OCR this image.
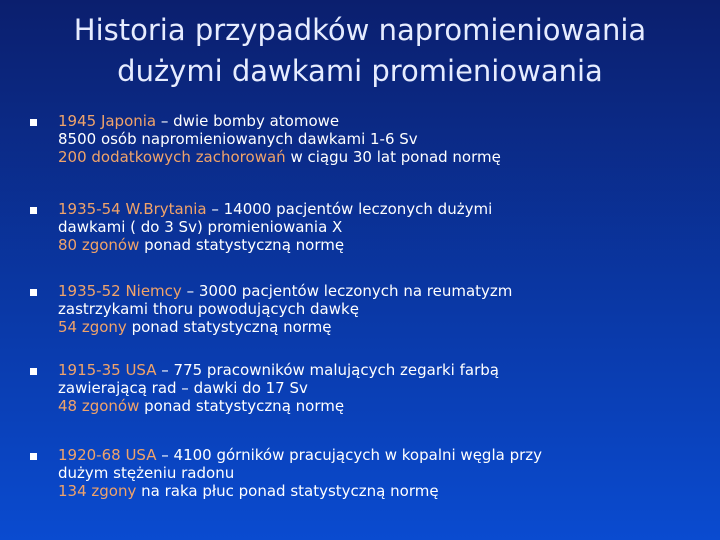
Historia przypadków napromieniowania
dużymi dawkami promieniowania
1945 Japonia – dwie bomby atomowe
8500 osób napromieniowanych dawkami 1-6 Sv
200 dodatkowych zachorowań w ciągu 30 lat ponad normę
1935-54 W.Brytania – 14000 pacjentów leczonych dużymi
dawkami ( do 3 Sv) promieniowania X
80 zgonów ponad statystyczną normę
1935-52 Niemcy – 3000 pacjentów leczonych na reumatyzm
zastrzykami thoru powodujących dawkę
54 zgony ponad statystyczną normę
1915-35 USA – 775 pracowników malujących zegarki farbą
zawierającą rad – dawki do 17 Sv
48 zgonów ponad statystyczną normę
1920-68 USA – 4100 górników pracujących w kopalni węgla przy
dużym stężeniu radonu
134 zgony na raka płuc ponad statystyczną normę
